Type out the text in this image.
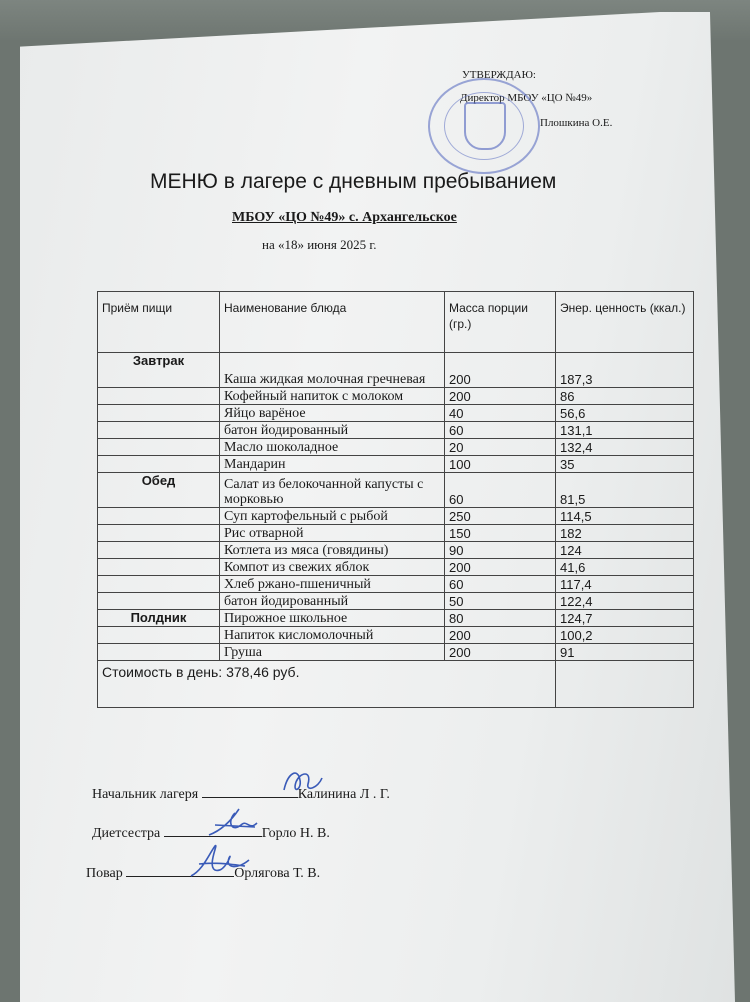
УТВЕРЖДАЮ:
Директор МБОУ «ЦО №49»
Плошкина О.Е.
МЕНЮ в лагере с дневным пребыванием
МБОУ «ЦО №49» с. Архангельское
на «18» июня 2025 г.
Приём пищи	Наименование блюда	Масса порции (гр.)	Энер. ценность (ккал.)
Завтрак	Каша жидкая молочная гречневая	200	187,3
	Кофейный напиток с молоком	200	86
	Яйцо варёное	40	56,6
	батон йодированный	60	131,1
	Масло шоколадное	20	132,4
	Мандарин	100	35
Обед	Салат из белокочанной капусты с морковью	60	81,5
	Суп картофельный с рыбой	250	114,5
	Рис отварной	150	182
	Котлета из мяса (говядины)	90	124
	Компот из свежих яблок	200	41,6
	Хлеб ржано-пшеничный	60	117,4
	батон йодированный	50	122,4
Полдник	Пирожное школьное	80	124,7
	Напиток кисломолочный	200	100,2
	Груша	200	91
Стоимость в день: 378,46 руб.			
Начальник лагеря	Калинина Л . Г.
Диетсестра	Горло Н. В.
Повар	Орлягова Т. В.
